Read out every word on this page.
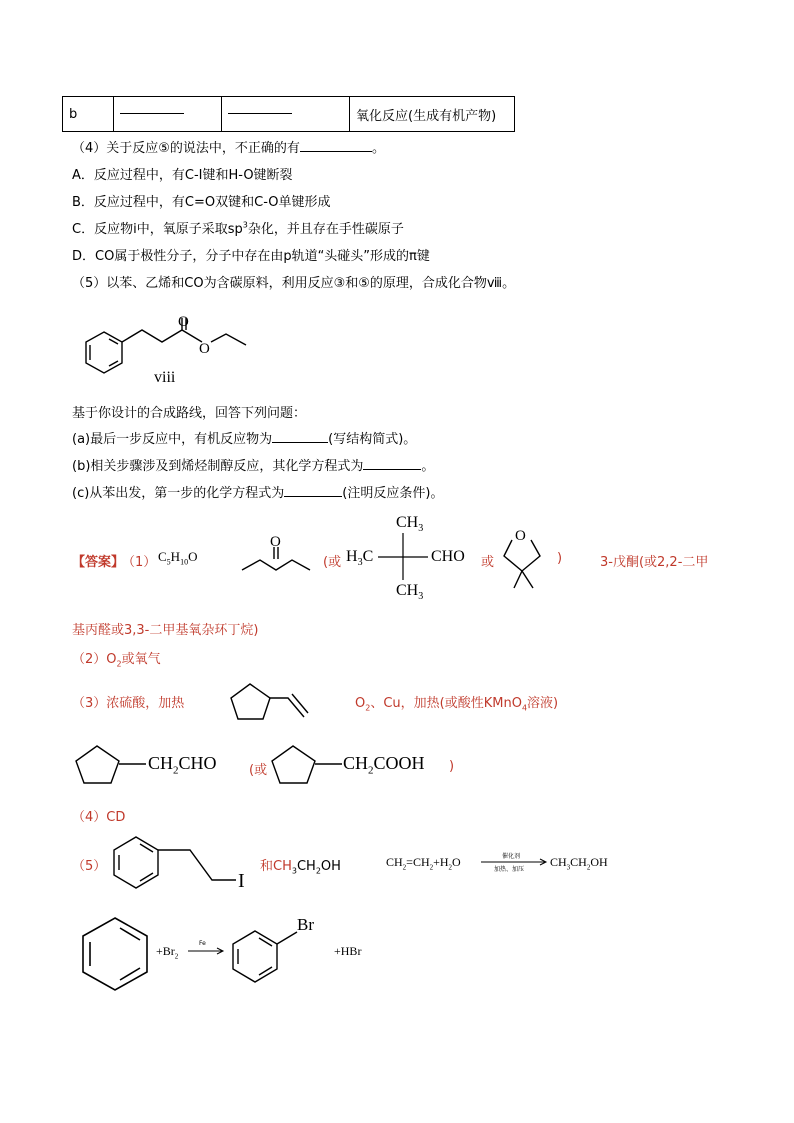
b			氧化反应(生成有机产物)
（4）关于反应⑤的说法中，不正确的有	。
A．反应过程中，有C-I键和H-O键断裂
B．反应过程中，有C=O双键和C-O单键形成
C．反应物ⅰ中，氧原子采取$sp^3$杂化，并且存在手性碳原子
D．CO属于极性分子，分子中存在由p轨道“头碰头”形成的π键
（5）以苯、乙烯和CO为含碳原料，利用反应③和⑤的原理，合成化合物ⅷ。
O
O
viii
基于你设计的合成路线，回答下列问题：
(a)最后一步反应中，有机反应物为	(写结构简式)。
(b)相关步骤涉及到烯烃制醇反应，其化学方程式为	。
(c)从苯出发，第一步的化学方程式为	(注明反应条件)。
【答案】
（1） $C_5H_{10}O$
O
(或
$CH_3$
$H_3C$	CHO
$CH_3$
或
O
)	3-戊酮(或2,2-二甲
基丙醛或3,3-二甲基氧杂环丁烷)
$(2)O_2$或氧气
（3）浓硫酸，加热	$O_2$、Cu，加热(或酸性KMnO$_4$溶液)
$CH_2CHO$ (或	$CH_2COOH$ )
（4）CD
（5）
I
和$CH_3CH_2OH$	$CH_2=CH_2+H_2O$	催化剂
加热、加压
$CH_3CH_2OH$
$+Br_2$
Fe
Br
+HBr
